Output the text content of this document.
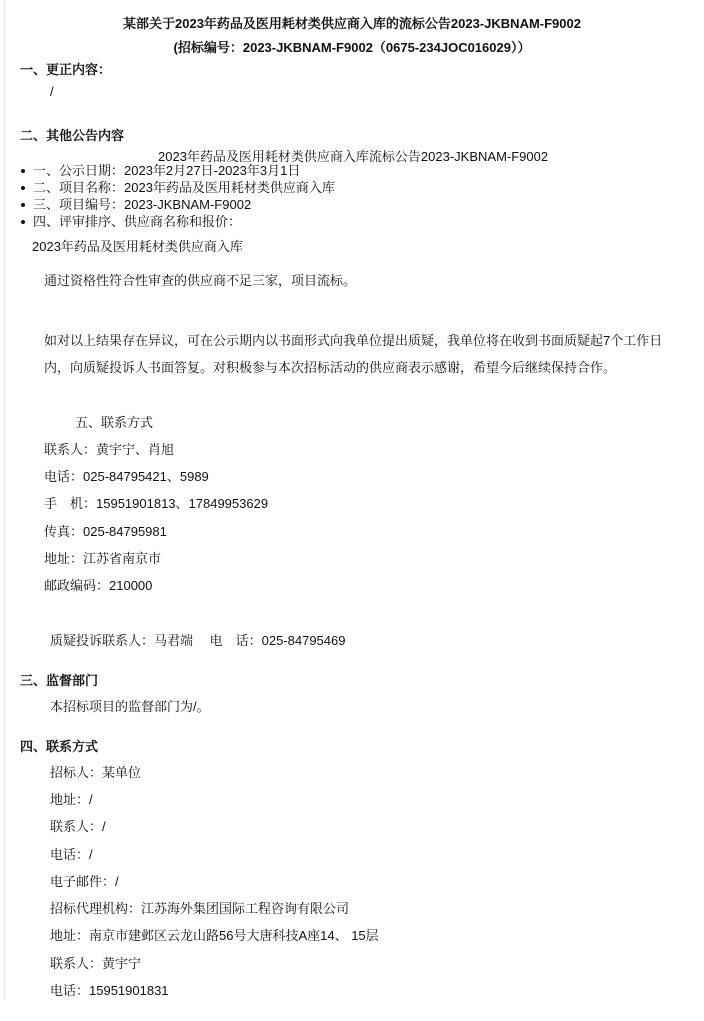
某部关于2023年药品及医用耗材类供应商入库的流标公告2023-JKBNAM-F9002
(招标编号：2023-JKBNAM-F9002（0675-234JOC016029））
一、更正内容：
/
二、其他公告内容
2023年药品及医用耗材类供应商入库流标公告2023-JKBNAM-F9002
一、公示日期：2023年2月27日-2023年3月1日
二、项目名称：2023年药品及医用耗材类供应商入库
三、项目编号：2023-JKBNAM-F9002
四、评审排序、供应商名称和报价：
2023年药品及医用耗材类供应商入库
通过资格性符合性审查的供应商不足三家，项目流标。
如对以上结果存在异议，可在公示期内以书面形式向我单位提出质疑，我单位将在收到书面质疑起7个工作日
内，向质疑投诉人书面答复。对积极参与本次招标活动的供应商表示感谢，希望今后继续保持合作。
五、联系方式
联系人：黄宇宁、肖旭
电话：025-84795421、5989
手　机：15951901813、17849953629
传真：025-84795981
地址：江苏省南京市
邮政编码：210000
质疑投诉联系人：马君端　 电　话：025-84795469
三、监督部门
本招标项目的监督部门为/。
四、联系方式
招标人：某单位
地址：/
联系人：/
电话：/
电子邮件：/
招标代理机构：江苏海外集团国际工程咨询有限公司
地址：南京市建邺区云龙山路56号大唐科技A座14、 15层
联系人：黄宇宁
电话：15951901831
